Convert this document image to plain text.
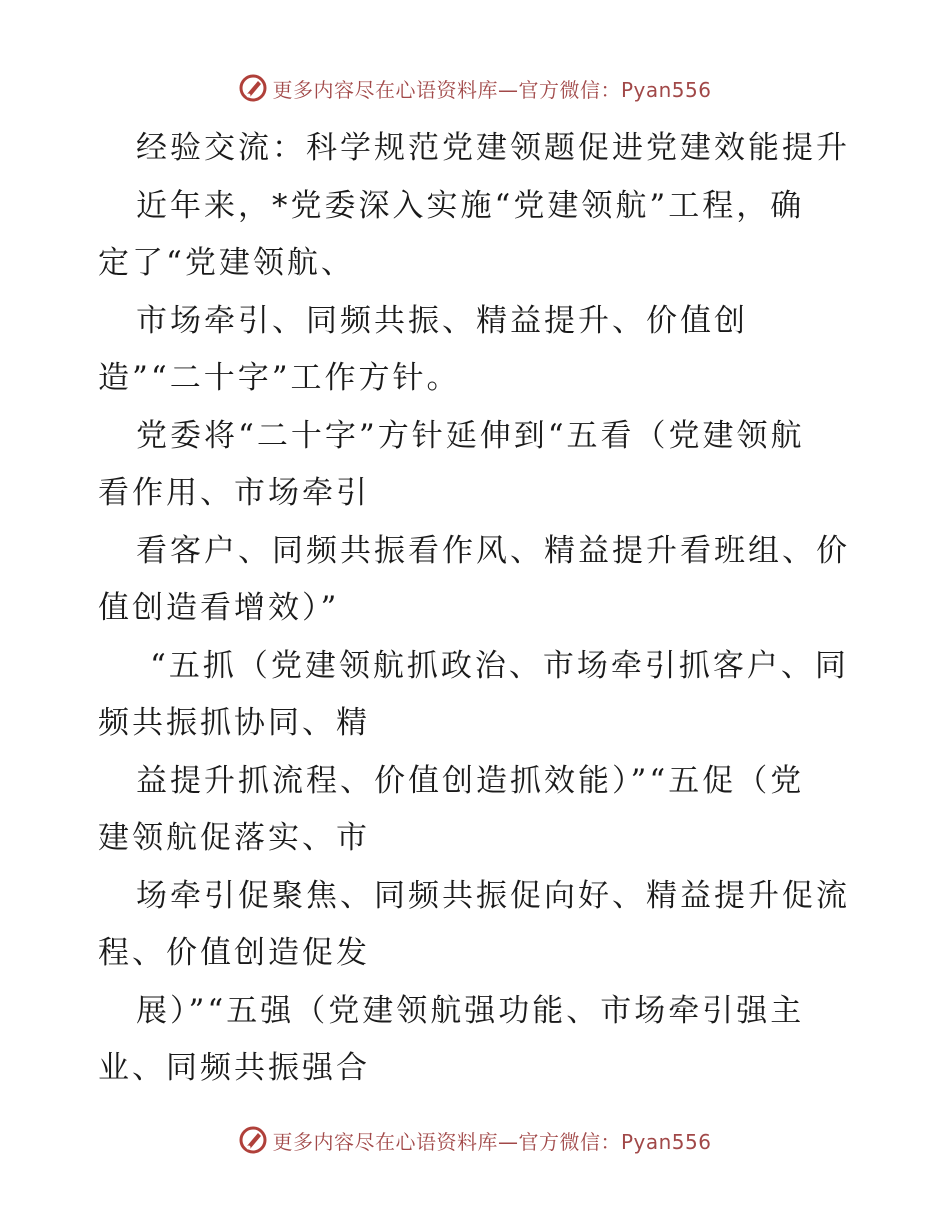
更多内容尽在心语资料库—官方微信：Pyan556
经验交流：科学规范党建领题促进党建效能提升
近年来，*党委深入实施“党建领航”工程，确
定了“党建领航、
市场牵引、同频共振、精益提升、价值创
造”“二十字”工作方针。
党委将“二十字”方针延伸到“五看（党建领航
看作用、市场牵引
看客户、同频共振看作风、精益提升看班组、价
值创造看增效）”
“五抓（党建领航抓政治、市场牵引抓客户、同
频共振抓协同、精
益提升抓流程、价值创造抓效能）”“五促（党
建领航促落实、市
场牵引促聚焦、同频共振促向好、精益提升促流
程、价值创造促发
展）”“五强（党建领航强功能、市场牵引强主
业、同频共振强合
更多内容尽在心语资料库—官方微信：Pyan556
